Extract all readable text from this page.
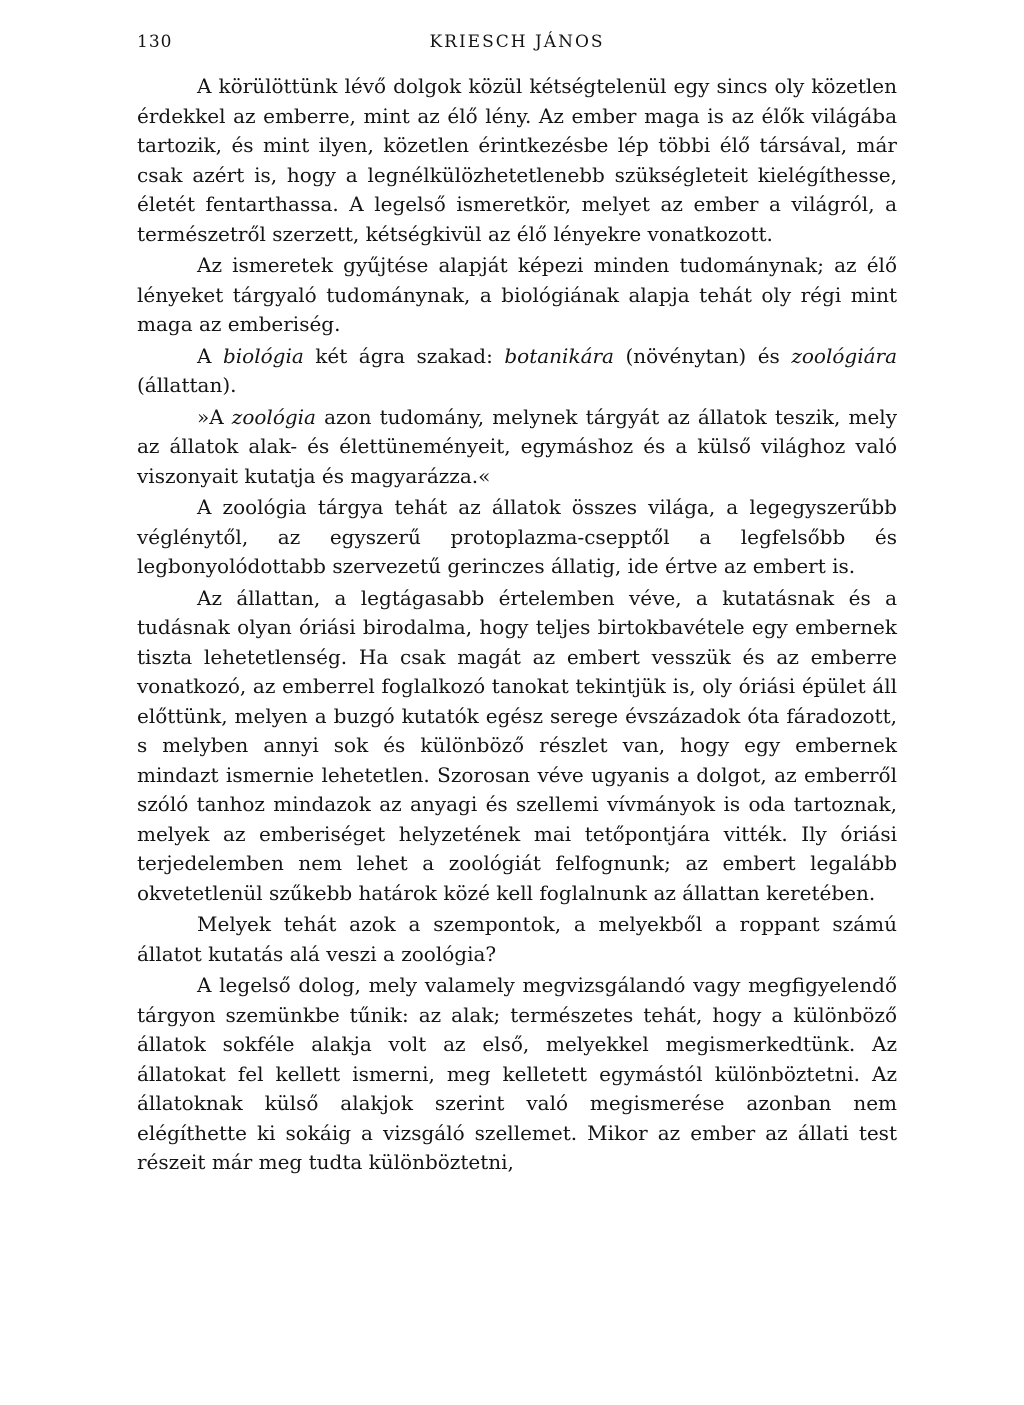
130	KRIESCH JÁNOS

A körülöttünk lévő dolgok közül kétségtelenül egy sincs oly közetlen érdekkel az emberre, mint az élő lény. Az ember maga is az élők világába tartozik, és mint ilyen, közetlen érintkezésbe lép többi élő társával, már csak azért is, hogy a legnélkülözhetetlenebb szükségleteit kielégíthesse, életét fentarthassa. A legelső ismeretkör, melyet az ember a világról, a természetről szerzett, kétségkivül az élő lényekre vonatkozott.

Az ismeretek gyűjtése alapját képezi minden tudománynak; az élő lényeket tárgyaló tudománynak, a biológiának alapja tehát oly régi mint maga az emberiség.

A biológia két ágra szakad: botanikára (növénytan) és zoológiára (állattan).

»A zoológia azon tudomány, melynek tárgyát az állatok teszik, mely az állatok alak- és élettüneményeit, egymáshoz és a külső világhoz való viszonyait kutatja és magyarázza.«

A zoológia tárgya tehát az állatok összes világa, a legegyszerűbb véglénytől, az egyszerű protoplazma-csepptől a legfelsőbb és legbonyolódottabb szervezetű gerinczes állatig, ide értve az embert is.

Az állattan, a legtágasabb értelemben véve, a kutatásnak és a tudásnak olyan óriási birodalma, hogy teljes birtokbavétele egy embernek tiszta lehetetlenség. Ha csak magát az embert vesszük és az emberre vonatkozó, az emberrel foglalkozó tanokat tekintjük is, oly óriási épület áll előttünk, melyen a buzgó kutatók egész serege évszázadok óta fáradozott, s melyben annyi sok és különböző részlet van, hogy egy embernek mindazt ismernie lehetetlen. Szorosan véve ugyanis a dolgot, az emberről szóló tanhoz mindazok az anyagi és szellemi vívmányok is oda tartoznak, melyek az emberiséget helyzetének mai tetőpontjára vitték. Ily óriási terjedelemben nem lehet a zoológiát felfognunk; az embert legalább okvetetlenül szűkebb határok közé kell foglalnunk az állattan keretében.

Melyek tehát azok a szempontok, a melyekből a roppant számú állatot kutatás alá veszi a zoológia?

A legelső dolog, mely valamely megvizsgálandó vagy megfigyelendő tárgyon szemünkbe tűnik: az alak; természetes tehát, hogy a különböző állatok sokféle alakja volt az első, melyekkel megismerkedtünk. Az állatokat fel kellett ismerni, meg kelletett egymástól különböztetni. Az állatoknak külső alakjok szerint való megismerése azonban nem elégíthette ki sokáig a vizsgáló szellemet. Mikor az ember az állati test részeit már meg tudta különböztetni,
